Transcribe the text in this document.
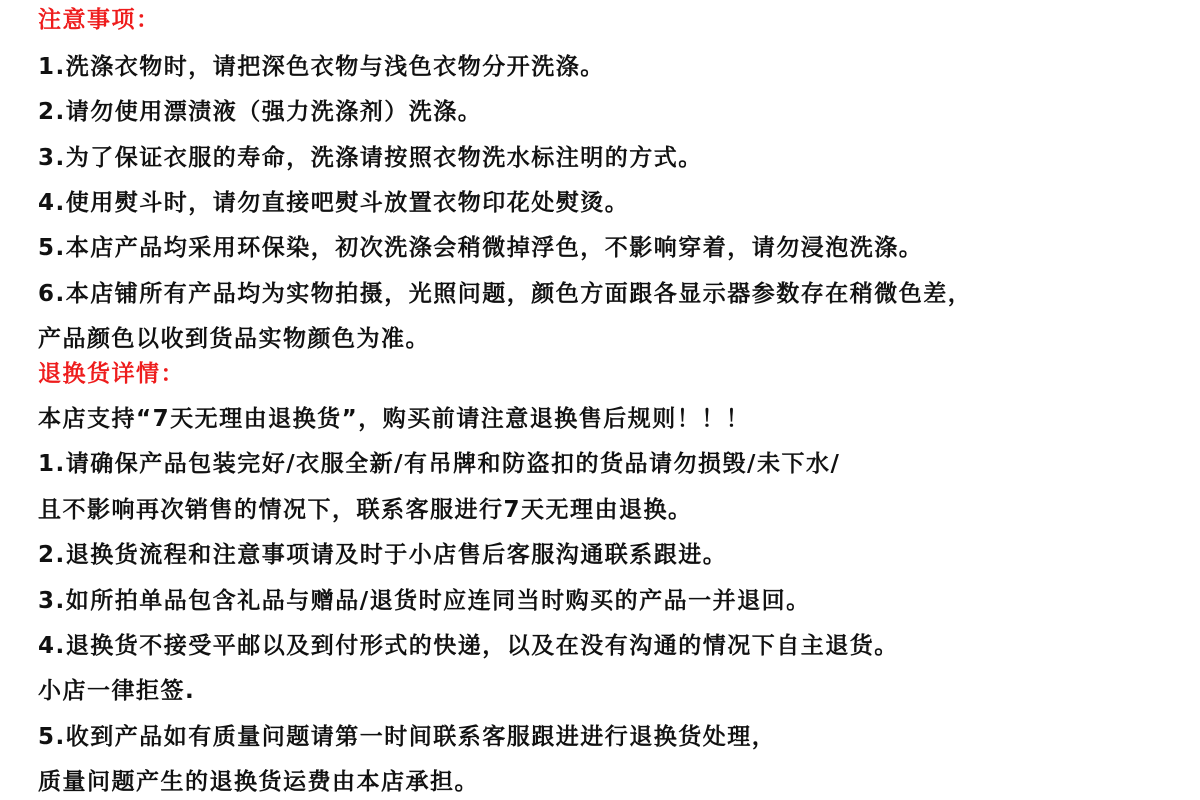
注意事项：
1.洗涤衣物时，请把深色衣物与浅色衣物分开洗涤。
2.请勿使用漂渍液（强力洗涤剂）洗涤。
3.为了保证衣服的寿命，洗涤请按照衣物洗水标注明的方式。
4.使用熨斗时，请勿直接吧熨斗放置衣物印花处熨烫。
5.本店产品均采用环保染，初次洗涤会稍微掉浮色，不影响穿着，请勿浸泡洗涤。
6.本店铺所有产品均为实物拍摄，光照问题，颜色方面跟各显示器参数存在稍微色差，
产品颜色以收到货品实物颜色为准。
退换货详情：
本店支持“7天无理由退换货”，购买前请注意退换售后规则！！！
1.请确保产品包装完好/衣服全新/有吊牌和防盗扣的货品请勿损毁/未下水/
且不影响再次销售的情况下，联系客服进行7天无理由退换。
2.退换货流程和注意事项请及时于小店售后客服沟通联系跟进。
3.如所拍单品包含礼品与赠品/退货时应连同当时购买的产品一并退回。
4.退换货不接受平邮以及到付形式的快递，以及在没有沟通的情况下自主退货。
小店一律拒签.
5.收到产品如有质量问题请第一时间联系客服跟进进行退换货处理，
质量问题产生的退换货运费由本店承担。
